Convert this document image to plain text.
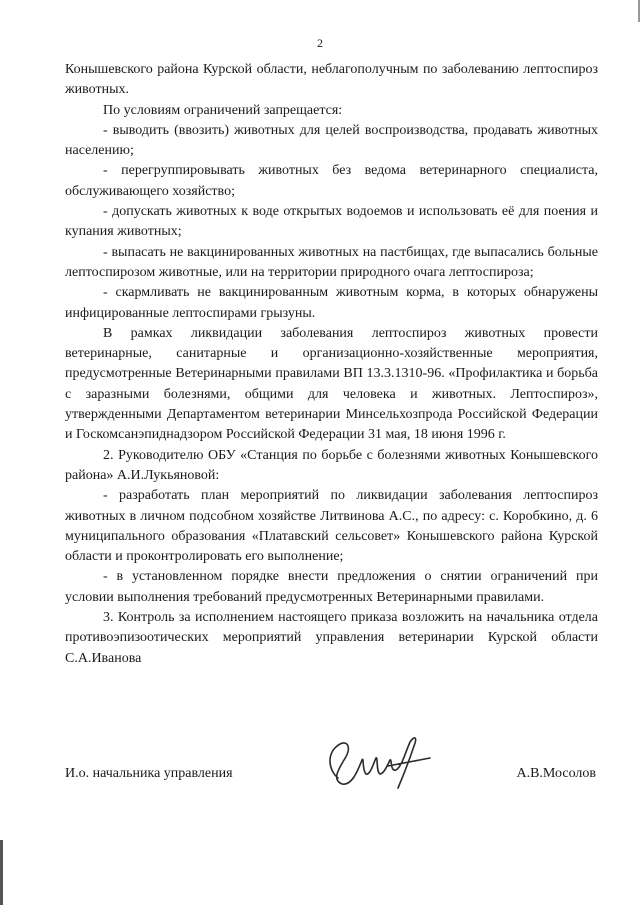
2

Конышевского района Курской области, неблагополучным по заболеванию лептоспироз животных.

По условиям ограничений запрещается:

- выводить (ввозить) животных для целей воспроизводства, продавать животных населению;

- перегруппировывать животных без ведома ветеринарного специалиста, обслуживающего хозяйство;

- допускать животных к воде открытых водоемов и использовать её для поения и купания животных;

- выпасать не вакцинированных животных на пастбищах, где выпасались больные лептоспирозом животные, или на территории природного очага лептоспироза;

- скармливать не вакцинированным животным корма, в которых обнаружены инфицированные лептоспирами грызуны.

В рамках ликвидации заболевания лептоспироз животных провести ветеринарные, санитарные и организационно-хозяйственные мероприятия, предусмотренные Ветеринарными правилами ВП 13.3.1310-96. «Профилактика и борьба с заразными болезнями, общими для человека и животных. Лептоспироз», утвержденными Департаментом ветеринарии Минсельхозпрода Российской Федерации и Госкомсанэпиднадзором Российской Федерации 31 мая, 18 июня 1996 г.

2. Руководителю ОБУ «Станция по борьбе с болезнями животных Конышевского района» А.И.Лукьяновой:

- разработать план мероприятий по ликвидации заболевания лептоспироз животных в личном подсобном хозяйстве Литвинова А.С., по адресу: с. Коробкино, д. 6 муниципального образования «Платавский сельсовет» Конышевского района Курской области и проконтролировать его выполнение;

- в установленном порядке внести предложения о снятии ограничений при условии выполнения требований предусмотренных Ветеринарными правилами.

3. Контроль за исполнением настоящего приказа возложить на начальника отдела противоэпизоотических мероприятий управления ветеринарии Курской области С.А.Иванова

И.о. начальника управления	А.В.Мосолов
